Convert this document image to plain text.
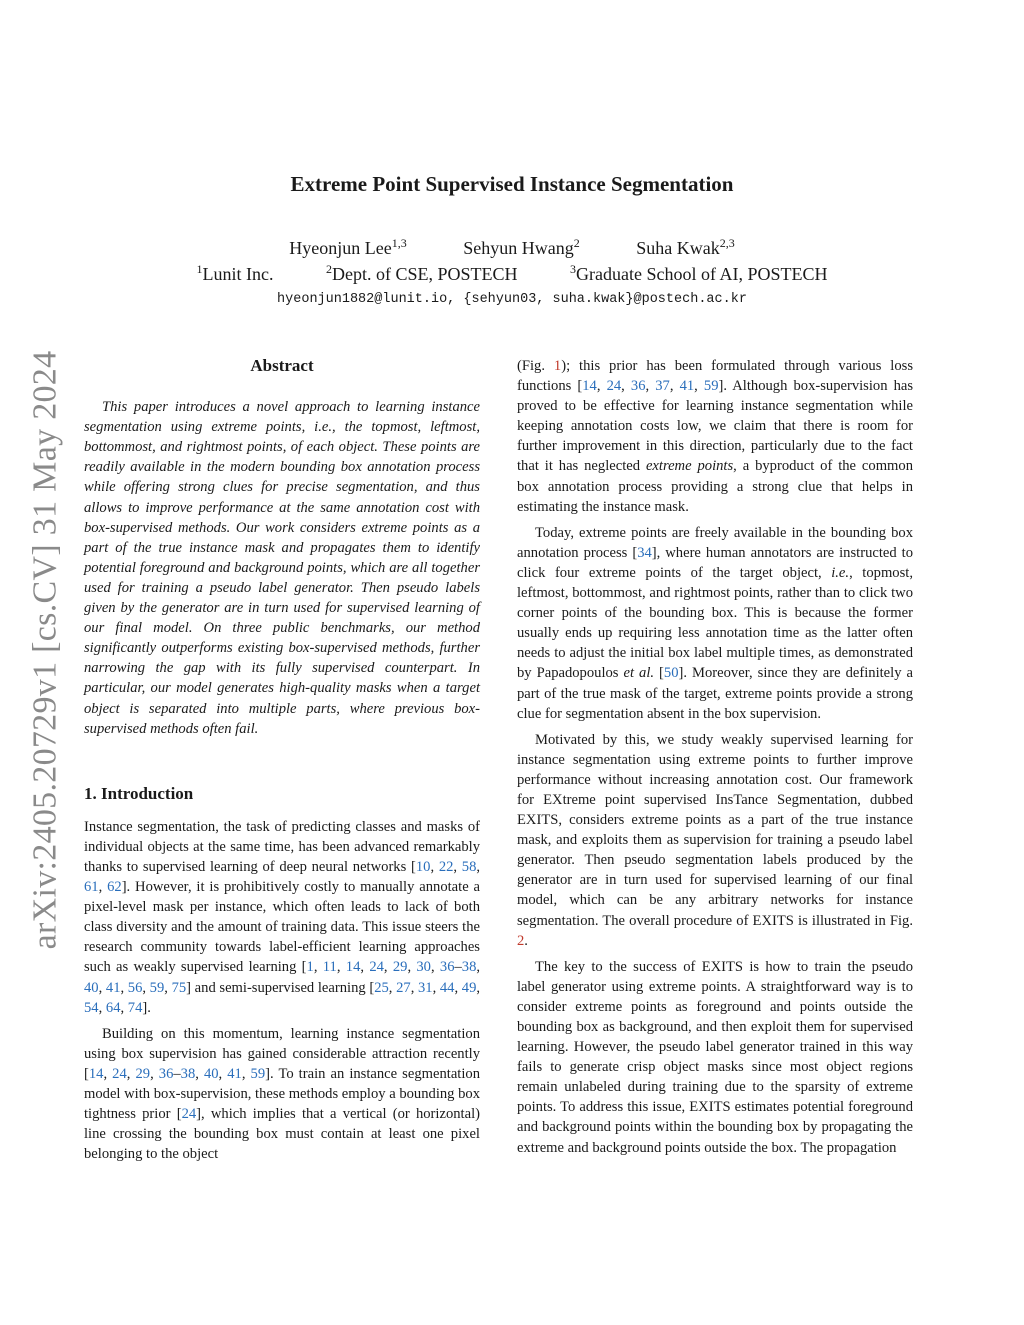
arXiv:2405.20729v1 [cs.CV] 31 May 2024
Extreme Point Supervised Instance Segmentation
Hyeonjun Lee$^{1,3}$	Sehyun Hwang$^2$	Suha Kwak$^{2,3}$
$^1$Lunit Inc.	$^2$Dept. of CSE, POSTECH	$^3$Graduate School of AI, POSTECH
hyeonjun1882@lunit.io, {sehyun03, suha.kwak}@postech.ac.kr
Abstract

This paper introduces a novel approach to learning instance segmentation using extreme points, i.e., the topmost, leftmost, bottommost, and rightmost points, of each object. These points are readily available in the modern bounding box annotation process while offering strong clues for precise segmentation, and thus allows to improve performance at the same annotation cost with box-supervised methods. Our work considers extreme points as a part of the true instance mask and propagates them to identify potential foreground and background points, which are all together used for training a pseudo label generator. Then pseudo labels given by the generator are in turn used for supervised learning of our final model. On three public benchmarks, our method significantly outperforms existing box-supervised methods, further narrowing the gap with its fully supervised counterpart. In particular, our model generates high-quality masks when a target object is separated into multiple parts, where previous box-supervised methods often fail.

1. Introduction

Instance segmentation, the task of predicting classes and masks of individual objects at the same time, has been advanced remarkably thanks to supervised learning of deep neural networks [10, 22, 58, 61, 62]. However, it is prohibitively costly to manually annotate a pixel-level mask per instance, which often leads to lack of both class diversity and the amount of training data. This issue steers the research community towards label-efficient learning approaches such as weakly supervised learning [1, 11, 14, 24, 29, 30, 36–38, 40, 41, 56, 59, 75] and semi-supervised learning [25, 27, 31, 44, 49, 54, 64, 74].

Building on this momentum, learning instance segmentation using box supervision has gained considerable attraction recently [14, 24, 29, 36–38, 40, 41, 59]. To train an instance segmentation model with box-supervision, these methods employ a bounding box tightness prior [24], which implies that a vertical (or horizontal) line crossing the bounding box must contain at least one pixel belonging to the object

(Fig. 1); this prior has been formulated through various loss functions [14, 24, 36, 37, 41, 59]. Although box-supervision has proved to be effective for learning instance segmentation while keeping annotation costs low, we claim that there is room for further improvement in this direction, particularly due to the fact that it has neglected extreme points, a byproduct of the common box annotation process providing a strong clue that helps in estimating the instance mask.

Today, extreme points are freely available in the bounding box annotation process [34], where human annotators are instructed to click four extreme points of the target object, i.e., topmost, leftmost, bottommost, and rightmost points, rather than to click two corner points of the bounding box. This is because the former usually ends up requiring less annotation time as the latter often needs to adjust the initial box label multiple times, as demonstrated by Papadopoulos et al. [50]. Moreover, since they are definitely a part of the true mask of the target, extreme points provide a strong clue for segmentation absent in the box supervision.

Motivated by this, we study weakly supervised learning for instance segmentation using extreme points to further improve performance without increasing annotation cost. Our framework for EXtreme point supervised InsTance Segmentation, dubbed EXITS, considers extreme points as a part of the true instance mask, and exploits them as supervision for training a pseudo label generator. Then pseudo segmentation labels produced by the generator are in turn used for supervised learning of our final model, which can be any arbitrary networks for instance segmentation. The overall procedure of EXITS is illustrated in Fig. 2.

The key to the success of EXITS is how to train the pseudo label generator using extreme points. A straightforward way is to consider extreme points as foreground and points outside the bounding box as background, and then exploit them for supervised learning. However, the pseudo label generator trained in this way fails to generate crisp object masks since most object regions remain unlabeled during training due to the sparsity of extreme points. To address this issue, EXITS estimates potential foreground and background points within the bounding box by propagating the extreme and background points outside the box. The propagation
